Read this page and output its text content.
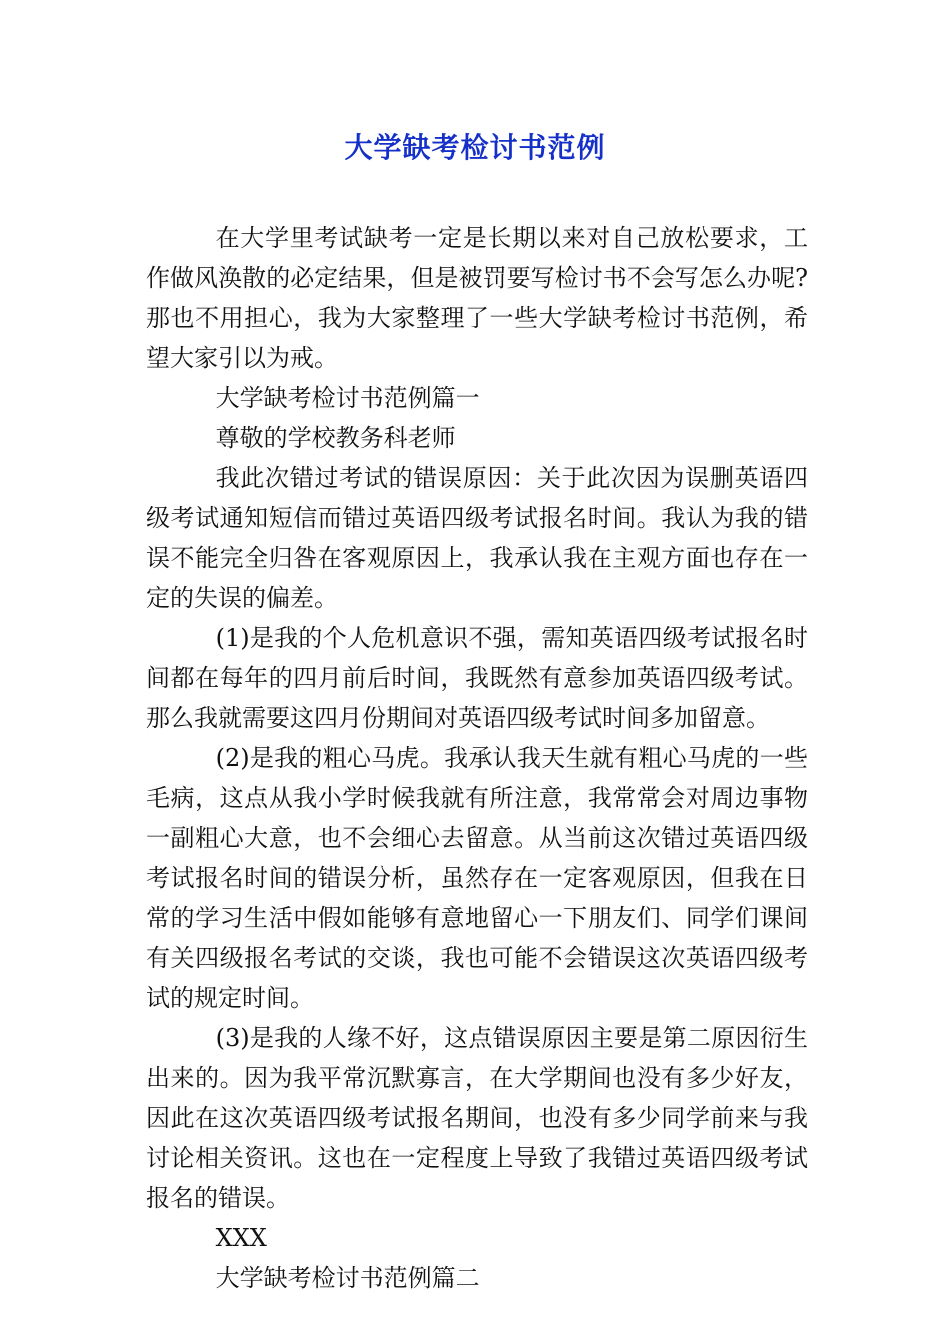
大学缺考检讨书范例

在大学里考试缺考一定是长期以来对自己放松要求，工作做风涣散的必定结果，但是被罚要写检讨书不会写怎么办呢?那也不用担心，我为大家整理了一些大学缺考检讨书范例，希望大家引以为戒。

大学缺考检讨书范例篇一

尊敬的学校教务科老师

我此次错过考试的错误原因：关于此次因为误删英语四级考试通知短信而错过英语四级考试报名时间。我认为我的错误不能完全归咎在客观原因上，我承认我在主观方面也存在一定的失误的偏差。

(1)是我的个人危机意识不强，需知英语四级考试报名时间都在每年的四月前后时间，我既然有意参加英语四级考试。那么我就需要这四月份期间对英语四级考试时间多加留意。

(2)是我的粗心马虎。我承认我天生就有粗心马虎的一些毛病，这点从我小学时候我就有所注意，我常常会对周边事物一副粗心大意，也不会细心去留意。从当前这次错过英语四级考试报名时间的错误分析，虽然存在一定客观原因，但我在日常的学习生活中假如能够有意地留心一下朋友们、同学们课间有关四级报名考试的交谈，我也可能不会错误这次英语四级考试的规定时间。

(3)是我的人缘不好，这点错误原因主要是第二原因衍生出来的。因为我平常沉默寡言，在大学期间也没有多少好友，因此在这次英语四级考试报名期间，也没有多少同学前来与我讨论相关资讯。这也在一定程度上导致了我错过英语四级考试报名的错误。

XXX

大学缺考检讨书范例篇二
